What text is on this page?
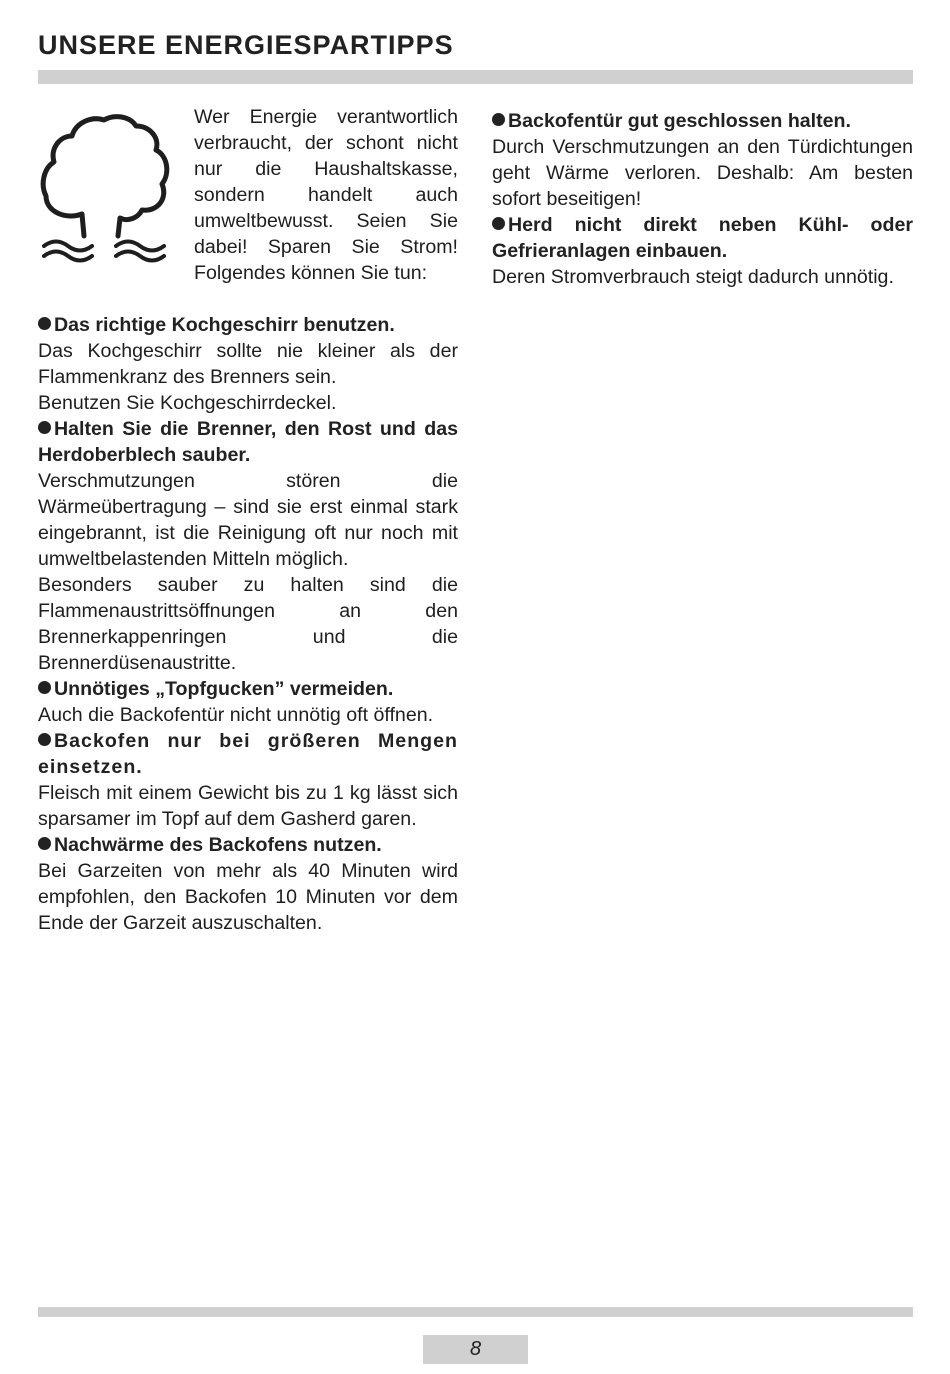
UNSERE ENERGIESPARTIPPS

Wer Energie verantwortlich verbraucht, der schont nicht nur die Haushaltskasse, sondern handelt auch umweltbewusst. Seien Sie dabei! Sparen Sie Strom! Folgendes können Sie tun:

Das richtige Kochgeschirr benutzen.

Das Kochgeschirr sollte nie kleiner als der Flammenkranz des Brenners sein.

Benutzen Sie Kochgeschirrdeckel.

Halten Sie die Brenner, den Rost und das Herdoberblech sauber.

Verschmutzungen stören die Wärmeübertragung – sind sie erst einmal stark eingebrannt, ist die Reinigung oft nur noch mit umweltbelastenden Mitteln möglich.

Besonders sauber zu halten sind die Flammenaustrittsöffnungen an den Brennerkappenringen und die Brennerdüsenaustritte.

Unnötiges „Topfgucken” vermeiden.

Auch die Backofentür nicht unnötig oft öffnen.

Backofen nur bei größeren Mengen einsetzen.

Fleisch mit einem Gewicht bis zu 1 kg lässt sich sparsamer im Topf auf dem Gasherd garen.

Nachwärme des Backofens nutzen.

Bei Garzeiten von mehr als 40 Minuten wird empfohlen, den Backofen 10 Minuten vor dem Ende der Garzeit auszuschalten.

Backofentür gut geschlossen halten.

Durch Verschmutzungen an den Türdichtungen geht Wärme verloren. Deshalb: Am besten sofort beseitigen!

Herd nicht direkt neben Kühl- oder Gefrieranlagen einbauen.

Deren Stromverbrauch steigt dadurch unnötig.

8
